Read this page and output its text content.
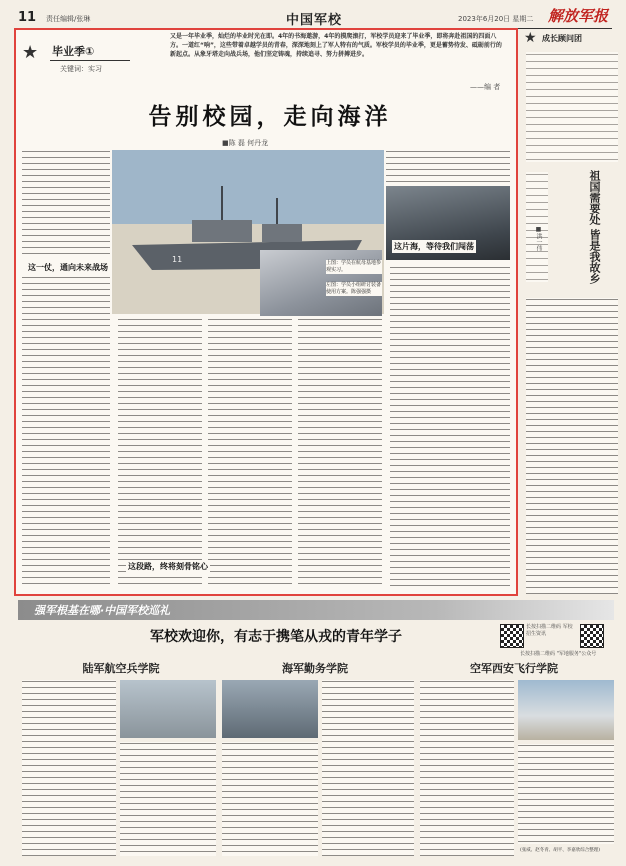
11 责任编辑/张琳	中国军校	2023年6月20日 星期二 解放军报
★ 毕业季①
关键词：实习
又是一年毕业季，灿烂的毕业时光在即。4年的书海遨游，4年的摸爬滚打，军校学员迎来了毕业季，即将奔赴祖国的四面八方。一道红“响”，这些带着卓越学员的青春，深深地刻上了军人特有的气质。军校学员的毕业季，更是蓄势待发、砥砺前行的新起点。从象牙塔走向战兵场，他们坚定铸魂，持续追寻、努力拼搏进步。
——编 者
告别校园，走向海洋
■陈 磊 何丹龙
11
这片海，等待我们闯荡
这一仗，通向未来战场	上图：学员在航母基地参观实习。
左图：学员小组研讨装备使用方案。陈强强摄
这段路，终将刻骨铭心
★ 成长顾问团
祖国需要处 皆是我故乡
■洪一伟
强军根基在哪·中国军校巡礼
长按扫描二维码 军校招生资讯
长按扫描二维码 "军地服务"公众号
军校欢迎你，有志于携笔从戎的青年学子
陆军航空兵学院	海军勤务学院	空军西安飞行学院
(张威、赵冬青、胡平、李嘉欣综合整理)
